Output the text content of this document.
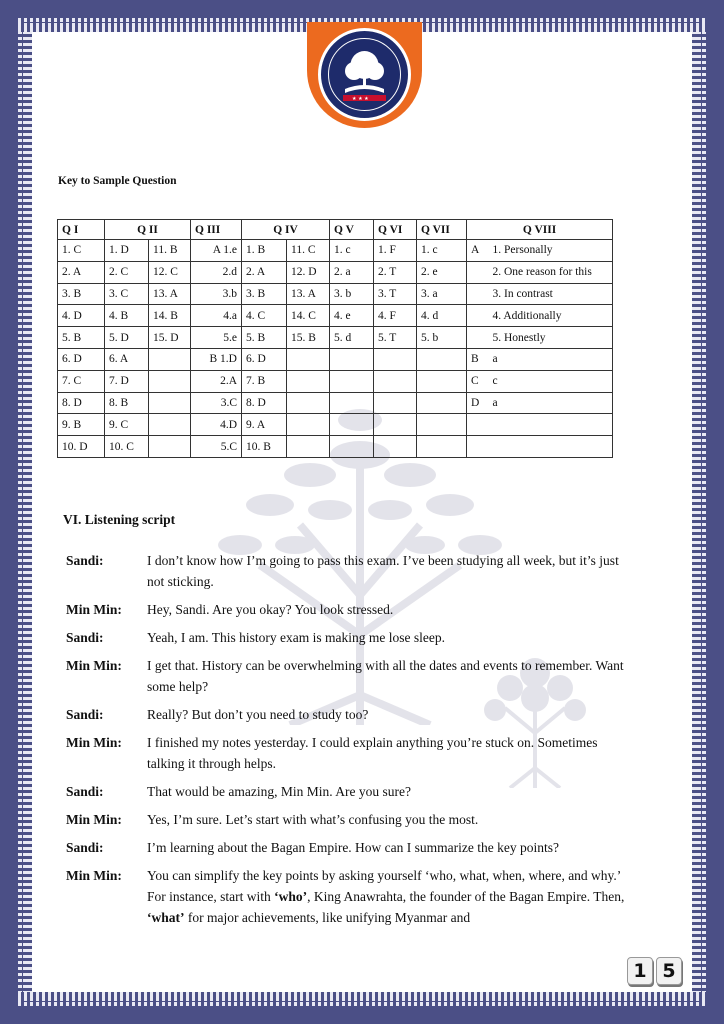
★ ★ ★
Key to Sample Question
Q I	Q II		Q III	Q IV		Q V	Q VI	Q VII	Q VIII	
1. C	1. D	11. B	A 1.e	1. B	11. C	1. c	1. F	1. c	A	1. Personally
2. A	2. C	12. C	2.d	2. A	12. D	2. a	2. T	2. e		2. One reason for this
3. B	3. C	13. A	3.b	3. B	13. A	3. b	3. T	3. a		3. In contrast
4. D	4. B	14. B	4.a	4. C	14. C	4. e	4. F	4. d		4. Additionally
5. B	5. D	15. D	5.e	5. B	15. B	5. d	5. T	5. b		5. Honestly
6. D	6. A		B 1.D	6. D					B	a
7. C	7. D		2.A	7. B					C	c
8. D	8. B		3.C	8. D					D	a
9. B	9. C		4.D	9. A						
10. D	10. C		5.C	10. B						
VI. Listening script
Sandi:	I don’t know how I’m going to pass this exam. I’ve been studying all week, but it’s just not sticking.
Min Min:	Hey, Sandi. Are you okay? You look stressed.
Sandi:	Yeah, I am. This history exam is making me lose sleep.
Min Min:	I get that. History can be overwhelming with all the dates and events to remember. Want some help?
Sandi:	Really? But don’t you need to study too?
Min Min:	I finished my notes yesterday. I could explain anything you’re stuck on. Sometimes talking it through helps.
Sandi:	That would be amazing, Min Min. Are you sure?
Min Min:	Yes, I’m sure. Let’s start with what’s confusing you the most.
Sandi:	I’m learning about the Bagan Empire. How can I summarize the key points?
Min Min:	You can simplify the key points by asking yourself ‘who, what, when, where, and why.’ For instance, start with ‘who’, King Anawrahta, the founder of the Bagan Empire. Then, ‘what’ for major achievements, like unifying Myanmar and
1 5
